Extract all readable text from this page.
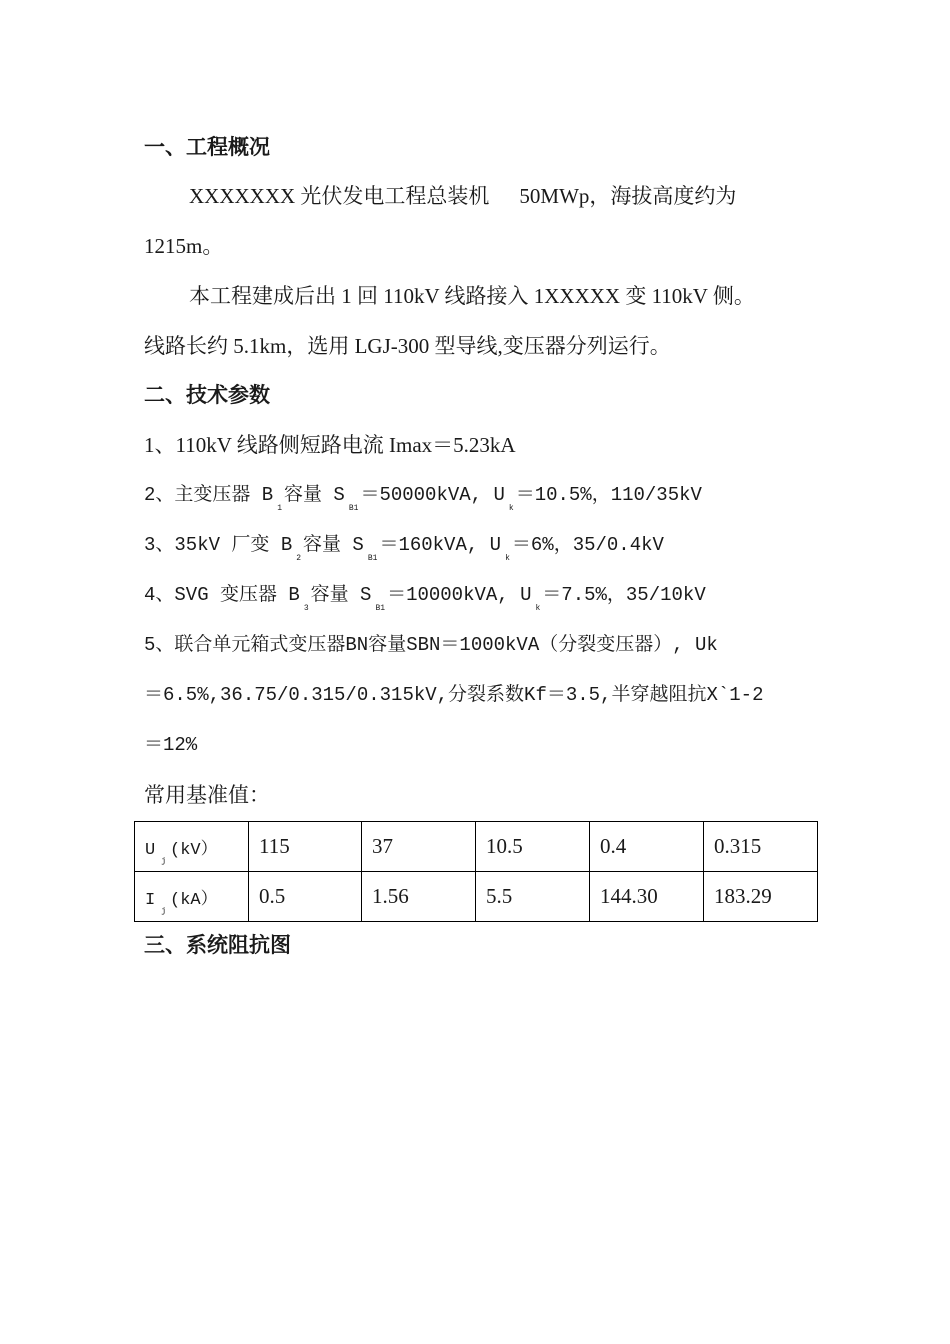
一、工程概况
XXXXXXX 光伏发电工程总装机 50MWp，海拔高度约为
1215m。
本工程建成后出 1 回 110kV 线路接入 1XXXXX 变 110kV 侧。
线路长约 5.1km，选用 LGJ-300 型导线,变压器分列运行。
二、技术参数
1、110kV 线路侧短路电流 Imax＝5.23kA
2、主变压器 $B_1$容量 $S_{B1}=50000kVA$, $U_k=10.5\%$，110/35kV
3、35kV 厂变 $B_2$容量 $S_{B1}=160kVA$, $U_k=6\%$，35/0.4kV
4、SVG 变压器 $B_3$容量 $S_{B1}=10000kVA$, $U_k=7.5\%$，35/10kV
5、联合单元箱式变压器BN容量SBN＝1000kVA（分裂变压器）, Uk
＝6.5%,36.75/0.315/0.315kV,分裂系数Kf＝3.5,半穿越阻抗X`1-2
＝12%
常用基准值：
$U_j(kV)$	115	37	10.5	0.4	0.315
$I_j(kA)$	0.5	1.56	5.5	144.30	183.29
三、系统阻抗图
